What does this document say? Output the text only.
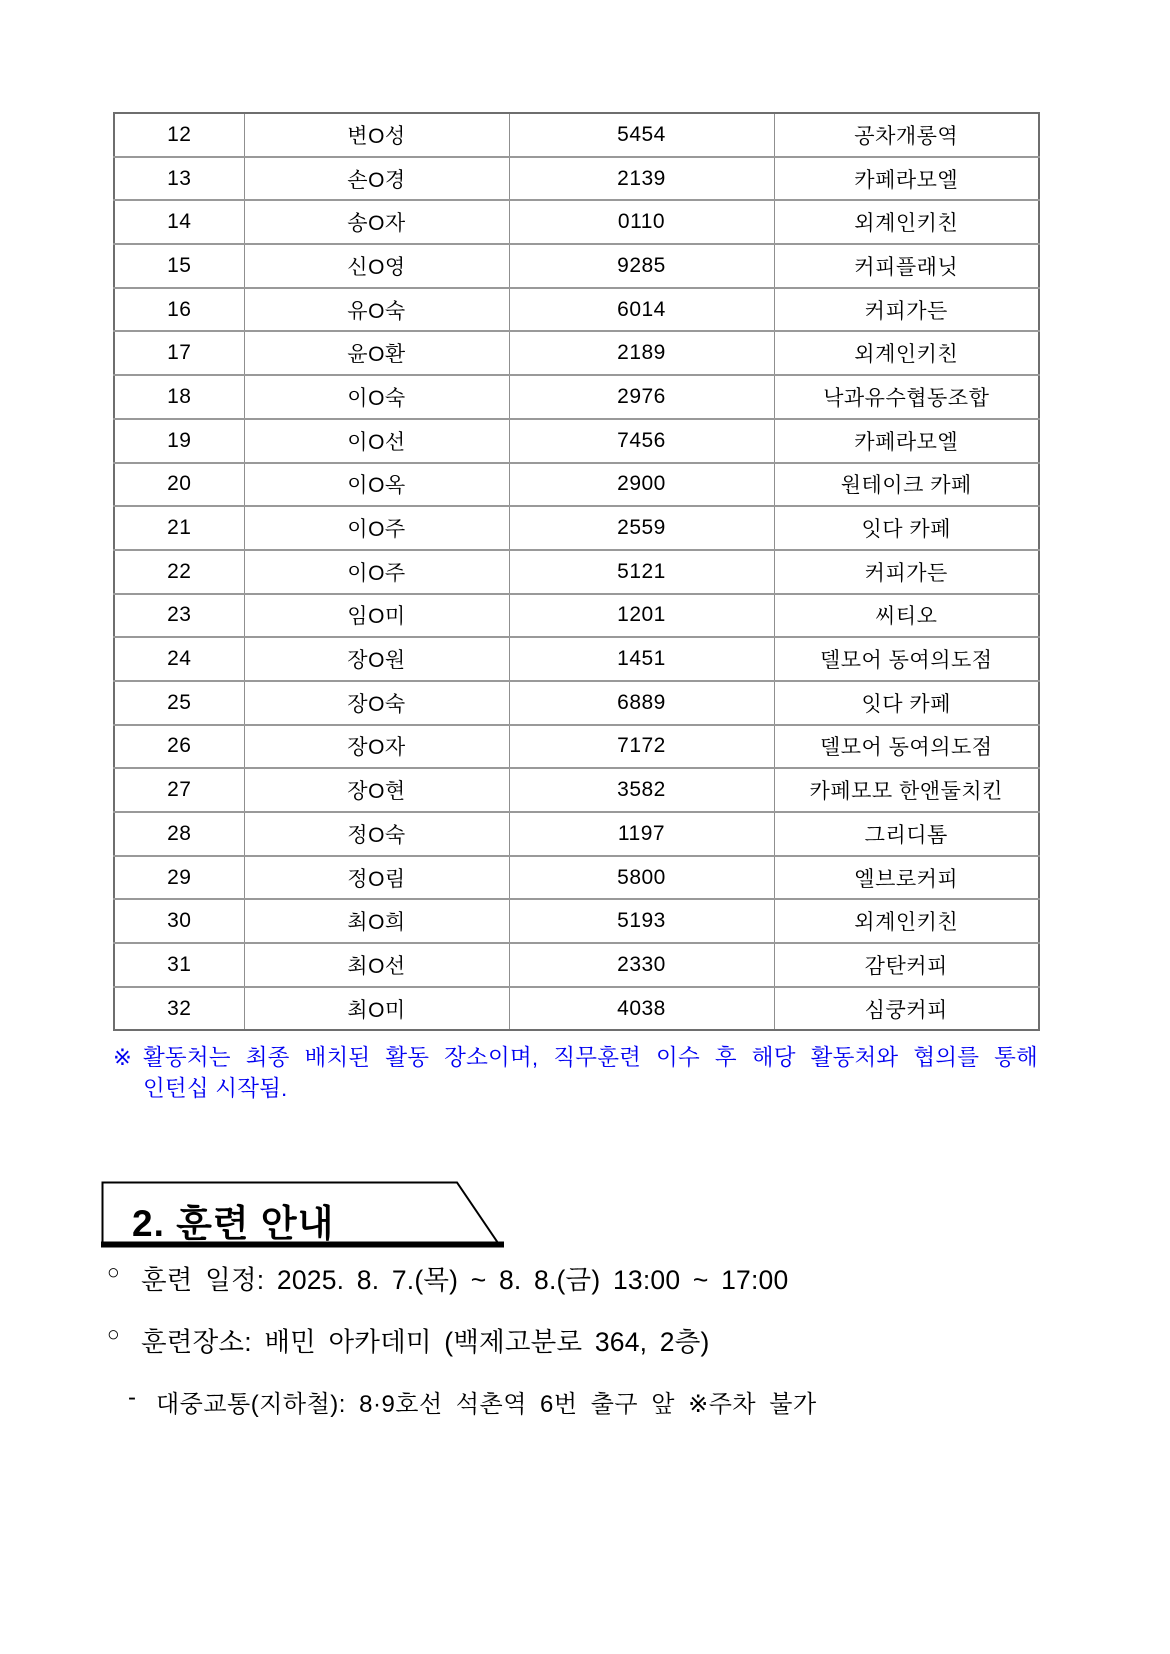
12	변O성	5454	공차개롱역
13	손O경	2139	카페라모엘
14	송O자	0110	외계인키친
15	신O영	9285	커피플래닛
16	유O숙	6014	커피가든
17	윤O환	2189	외계인키친
18	이O숙	2976	낙과유수협동조합
19	이O선	7456	카페라모엘
20	이O옥	2900	원테이크 카페
21	이O주	2559	잇다 카페
22	이O주	5121	커피가든
23	임O미	1201	씨티오
24	장O원	1451	델모어 동여의도점
25	장O숙	6889	잇다 카페
26	장O자	7172	델모어 동여의도점
27	장O현	3582	카페모모 한앤둘치킨
28	정O숙	1197	그리디톰
29	정O림	5800	엘브로커피
30	최O희	5193	외계인키친
31	최O선	2330	감탄커피
32	최O미	4038	심쿵커피
※ 활동처는 최종 배치된 활동 장소이며, 직무훈련 이수 후 해당 활동처와 협의를 통해
인턴십 시작됨.
2. 훈련 안내
○ 훈련 일정: 2025. 8. 7.(목) ~ 8. 8.(금) 13:00 ~ 17:00
○ 훈련장소: 배민 아카데미 (백제고분로 364, 2층)
- 대중교통(지하철): 8·9호선 석촌역 6번 출구 앞 ※주차 불가
